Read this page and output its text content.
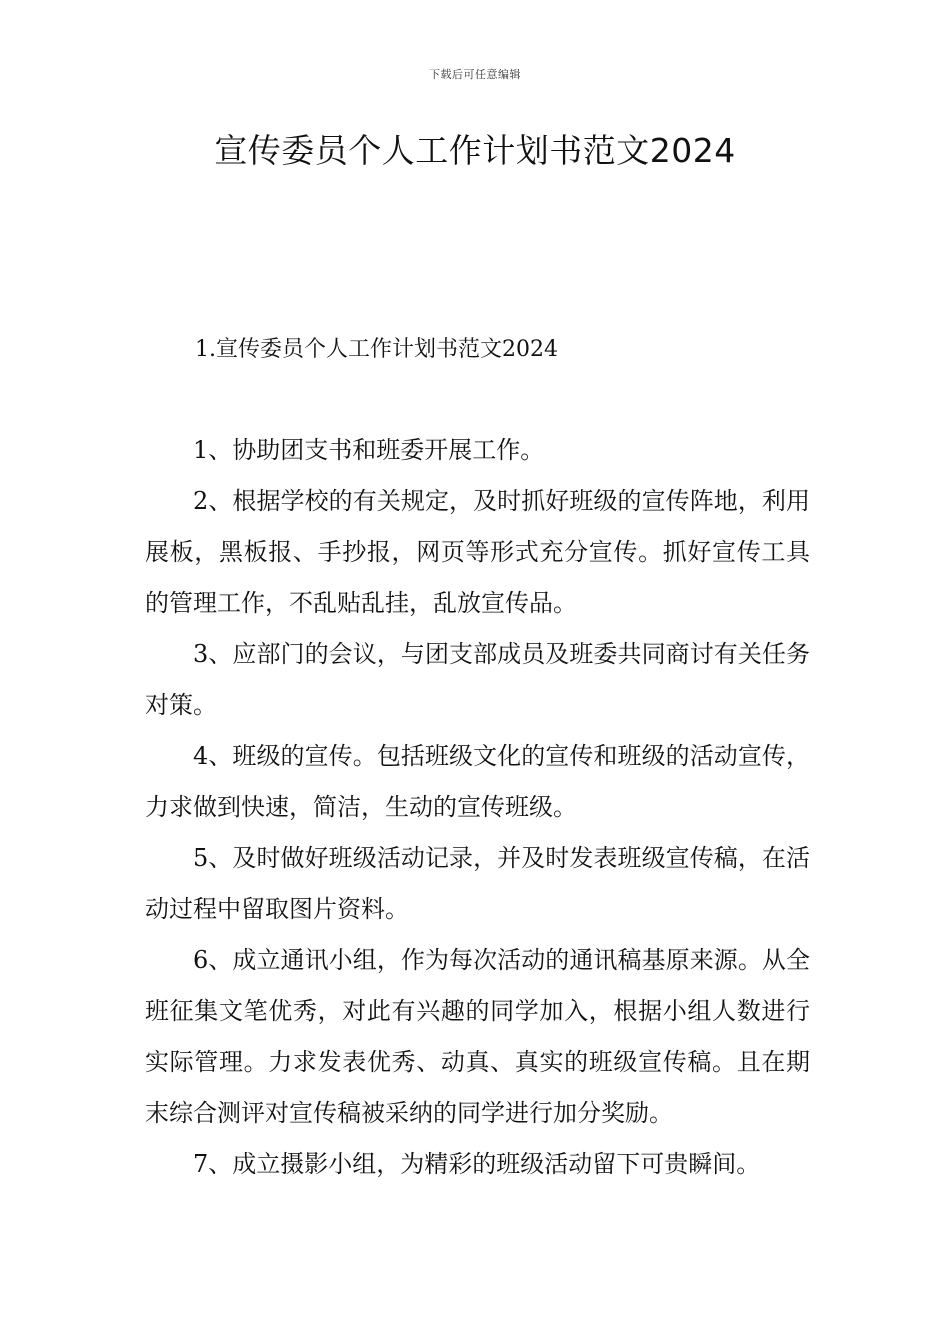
下载后可任意编辑
宣传委员个人工作计划书范文2024
1.宣传委员个人工作计划书范文2024

1、协助团支书和班委开展工作。

2、根据学校的有关规定，及时抓好班级的宣传阵地，利用展板，黑板报、手抄报，网页等形式充分宣传。抓好宣传工具的管理工作，不乱贴乱挂，乱放宣传品。

3、应部门的会议，与团支部成员及班委共同商讨有关任务对策。

4、班级的宣传。包括班级文化的宣传和班级的活动宣传，力求做到快速，简洁，生动的宣传班级。

5、及时做好班级活动记录，并及时发表班级宣传稿，在活动过程中留取图片资料。

6、成立通讯小组，作为每次活动的通讯稿基原来源。从全班征集文笔优秀，对此有兴趣的同学加入，根据小组人数进行实际管理。力求发表优秀、动真、真实的班级宣传稿。且在期末综合测评对宣传稿被采纳的同学进行加分奖励。

7、成立摄影小组，为精彩的班级活动留下可贵瞬间。
